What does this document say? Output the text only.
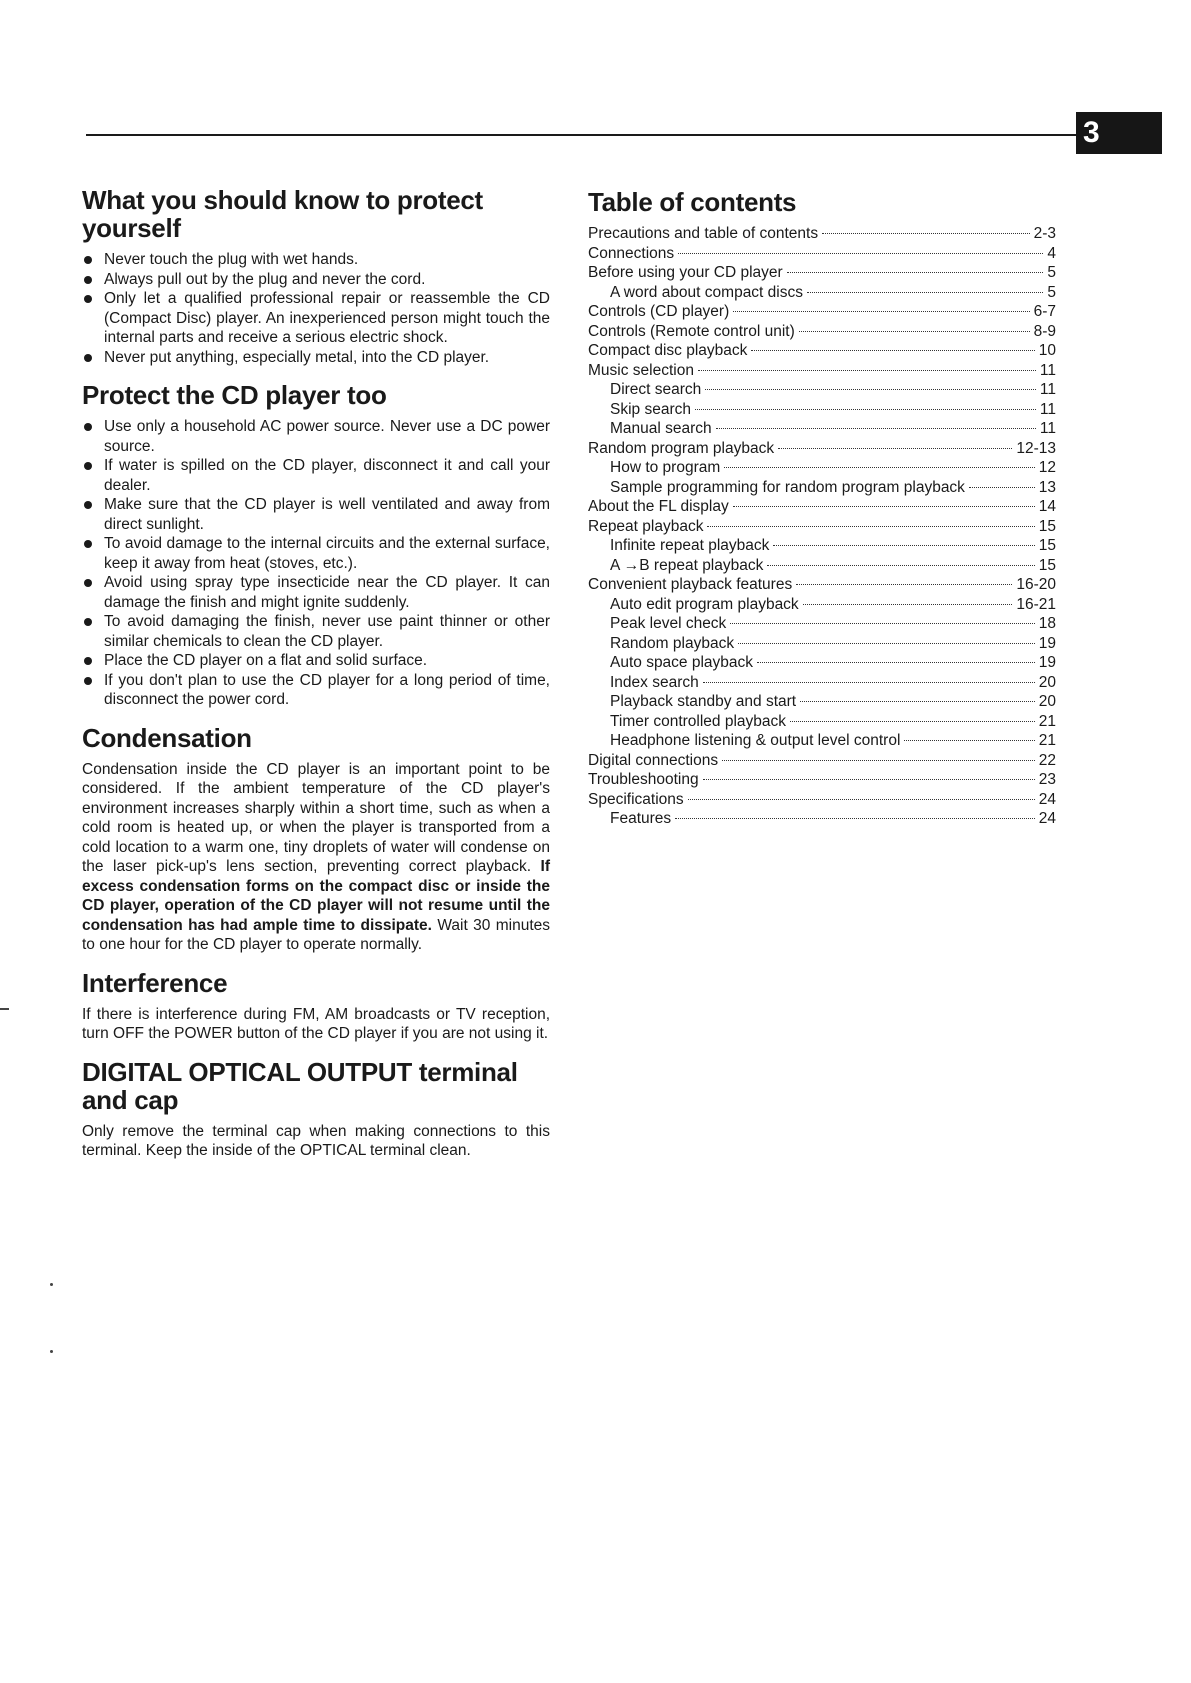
3
What you should know to protect yourself
Never touch the plug with wet hands.
Always pull out by the plug and never the cord.
Only let a qualified professional repair or reassemble the CD (Compact Disc) player. An inexperienced person might touch the internal parts and receive a serious electric shock.
Never put anything, especially metal, into the CD player.
Protect the CD player too
Use only a household AC power source. Never use a DC power source.
If water is spilled on the CD player, disconnect it and call your dealer.
Make sure that the CD player is well ventilated and away from direct sunlight.
To avoid damage to the internal circuits and the external surface, keep it away from heat (stoves, etc.).
Avoid using spray type insecticide near the CD player. It can damage the finish and might ignite suddenly.
To avoid damaging the finish, never use paint thinner or other similar chemicals to clean the CD player.
Place the CD player on a flat and solid surface.
If you don't plan to use the CD player for a long period of time, disconnect the power cord.
Condensation

Condensation inside the CD player is an important point to be considered. If the ambient temperature of the CD player's environment increases sharply within a short time, such as when a cold room is heated up, or when the player is transported from a cold location to a warm one, tiny droplets of water will condense on the laser pick-up's lens section, preventing correct playback. If excess condensation forms on the compact disc or inside the CD player, operation of the CD player will not resume until the condensation has had ample time to dissipate. Wait 30 minutes to one hour for the CD player to operate normally.

Interference

If there is interference during FM, AM broadcasts or TV reception, turn OFF the POWER button of the CD player if you are not using it.

DIGITAL OPTICAL OUTPUT terminal and cap

Only remove the terminal cap when making connections to this terminal. Keep the inside of the OPTICAL terminal clean.

Table of contents
Precautions and table of contents	2-3
Connections	4
Before using your CD player	5
A word about compact discs	5
Controls (CD player)	6-7
Controls (Remote control unit)	8-9
Compact disc playback	10
Music selection	11
Direct search	11
Skip search	11
Manual search	11
Random program playback	12-13
How to program	12
Sample programming for random program playback	13
About the FL display	14
Repeat playback	15
Infinite repeat playback	15
A →B repeat playback	15
Convenient playback features	16-20
Auto edit program playback	16-21
Peak level check	18
Random playback	19
Auto space playback	19
Index search	20
Playback standby and start	20
Timer controlled playback	21
Headphone listening & output level control	21
Digital connections	22
Troubleshooting	23
Specifications	24
Features	24
